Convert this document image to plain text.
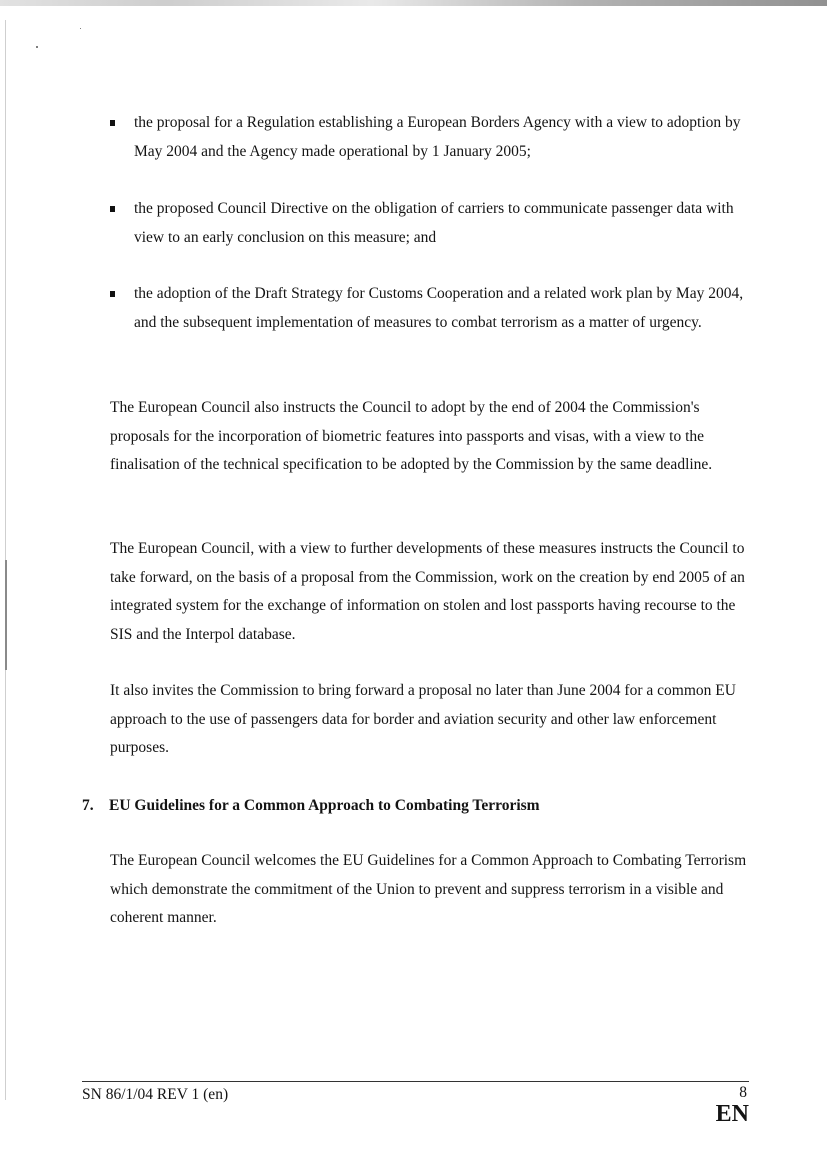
the proposal for a Regulation establishing a European Borders Agency with a view to adoption by May 2004 and the Agency made operational by 1 January 2005;

the proposed Council Directive on the obligation of carriers to communicate passenger data with view to an early conclusion on this measure; and

the adoption of the Draft Strategy for Customs Cooperation and a related work plan by May 2004, and the subsequent implementation of measures to combat terrorism as a matter of urgency.

The European Council also instructs the Council to adopt by the end of 2004 the Commission's proposals for the incorporation of biometric features into passports and visas, with a view to the finalisation of the technical specification to be adopted by the Commission by the same deadline.

The European Council, with a view to further developments of these measures instructs the Council to take forward, on the basis of a proposal from the Commission, work on the creation by end 2005 of an integrated system for the exchange of information on stolen and lost passports having recourse to the SIS and the Interpol database.

It also invites the Commission to bring forward a proposal no later than June 2004 for a common EU approach to the use of passengers data for border and aviation security and other law enforcement purposes.

7. EU Guidelines for a Common Approach to Combating Terrorism

The European Council welcomes the EU Guidelines for a Common Approach to Combating Terrorism which demonstrate the commitment of the Union to prevent and suppress terrorism in a visible and coherent manner.

SN 86/1/04 REV 1 (en)	8
EN
